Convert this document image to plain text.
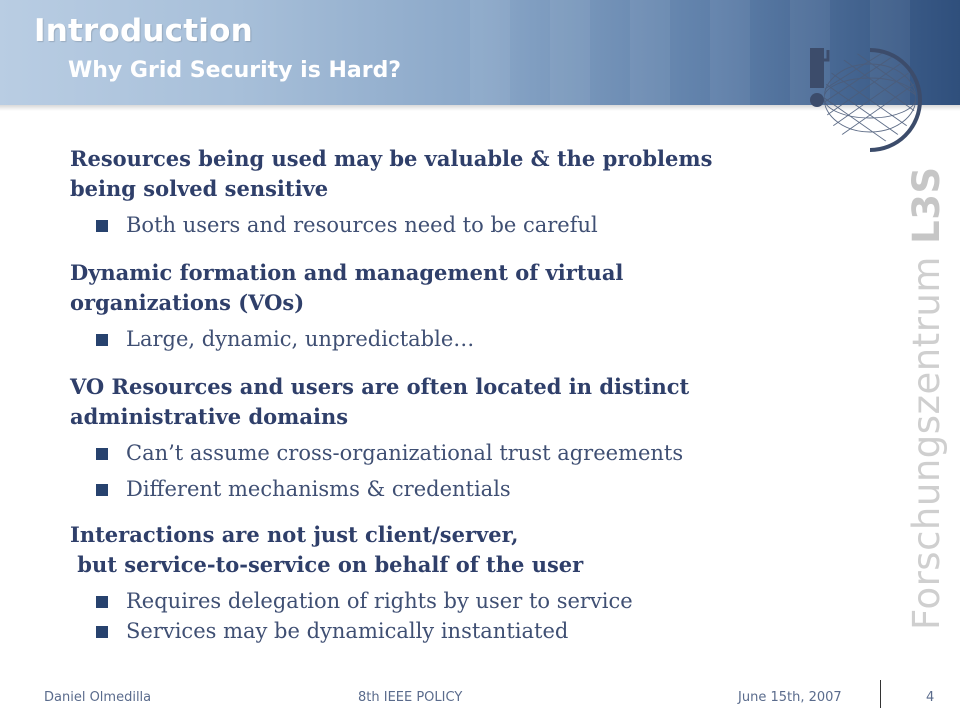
Introduction
Why Grid Security is Hard?
Forschungszentrum L3S

Resources being used may be valuable & the problems

being solved sensitive

Both users and resources need to be careful

Dynamic formation and management of virtual

organizations (VOs)

Large, dynamic, unpredictable…

VO Resources and users are often located in distinct

administrative domains

Can’t assume cross-organizational trust agreements
Different mechanisms & credentials

Interactions are not just client/server,

but service-to-service on behalf of the user

Requires delegation of rights by user to service
Services may be dynamically instantiated
Daniel Olmedilla	8th IEEE POLICY	June 15th, 2007	4
